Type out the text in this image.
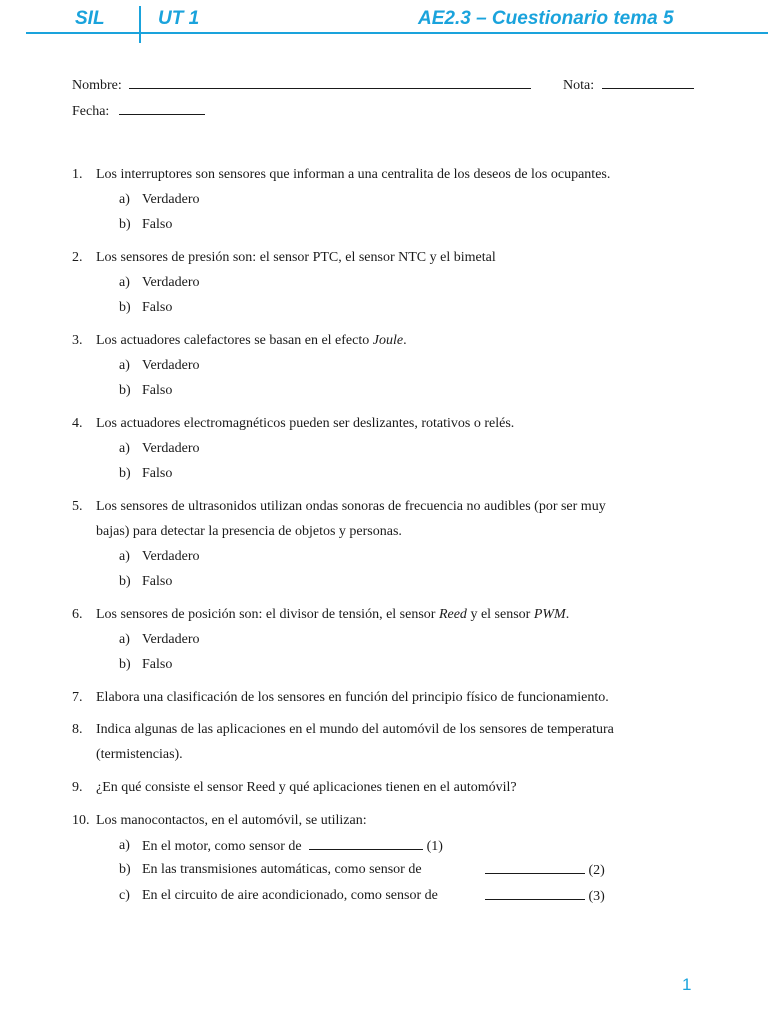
SIL	UT 1	AE2.3 – Cuestionario tema 5
Nombre:	Nota:
Fecha:
1. Los interruptores son sensores que informan a una centralita de los deseos de los ocupantes.
a) Verdadero
b) Falso
2. Los sensores de presión son: el sensor PTC, el sensor NTC y el bimetal
a) Verdadero
b) Falso
3. Los actuadores calefactores se basan en el efecto Joule.
a) Verdadero
b) Falso
4. Los actuadores electromagnéticos pueden ser deslizantes, rotativos o relés.
a) Verdadero
b) Falso
5. Los sensores de ultrasonidos utilizan ondas sonoras de frecuencia no audibles (por ser muy
bajas) para detectar la presencia de objetos y personas.
a) Verdadero
b) Falso
6. Los sensores de posición son: el divisor de tensión, el sensor Reed y el sensor PWM.
a) Verdadero
b) Falso
7. Elabora una clasificación de los sensores en función del principio físico de funcionamiento.
8. Indica algunas de las aplicaciones en el mundo del automóvil de los sensores de temperatura
(termistencias).
9. ¿En qué consiste el sensor Reed y qué aplicaciones tienen en el automóvil?
10. Los manocontactos, en el automóvil, se utilizan:
a) En el motor, como sensor de	(1)
b) En las transmisiones automáticas, como sensor de	(2)
c) En el circuito de aire acondicionado, como sensor de	(3)
1
